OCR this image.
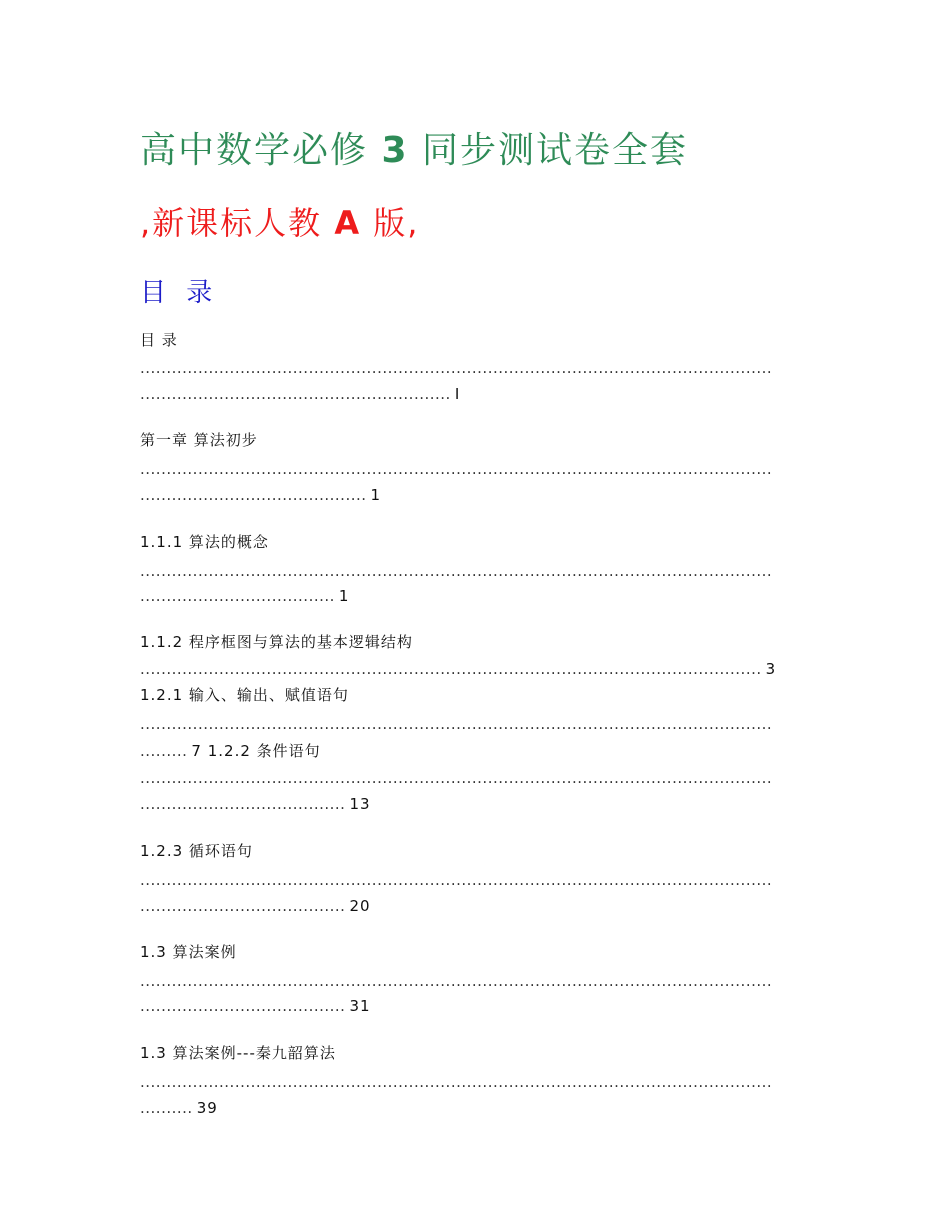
高中数学必修 3 同步测试卷全套
,新课标人教 A 版,
目 录
目 录
........................................................................................................................
........................................................... I
第一章 算法初步
........................................................................................................................
........................................... 1
1.1.1 算法的概念
........................................................................................................................
..................................... 1
1.1.2 程序框图与算法的基本逻辑结构
...................................................................................................................... 3
1.2.1 输入、输出、赋值语句
........................................................................................................................
......... 7 1.2.2 条件语句
........................................................................................................................
....................................... 13
1.2.3 循环语句
........................................................................................................................
....................................... 20
1.3 算法案例
........................................................................................................................
....................................... 31
1.3 算法案例---秦九韶算法
........................................................................................................................
.......... 39
